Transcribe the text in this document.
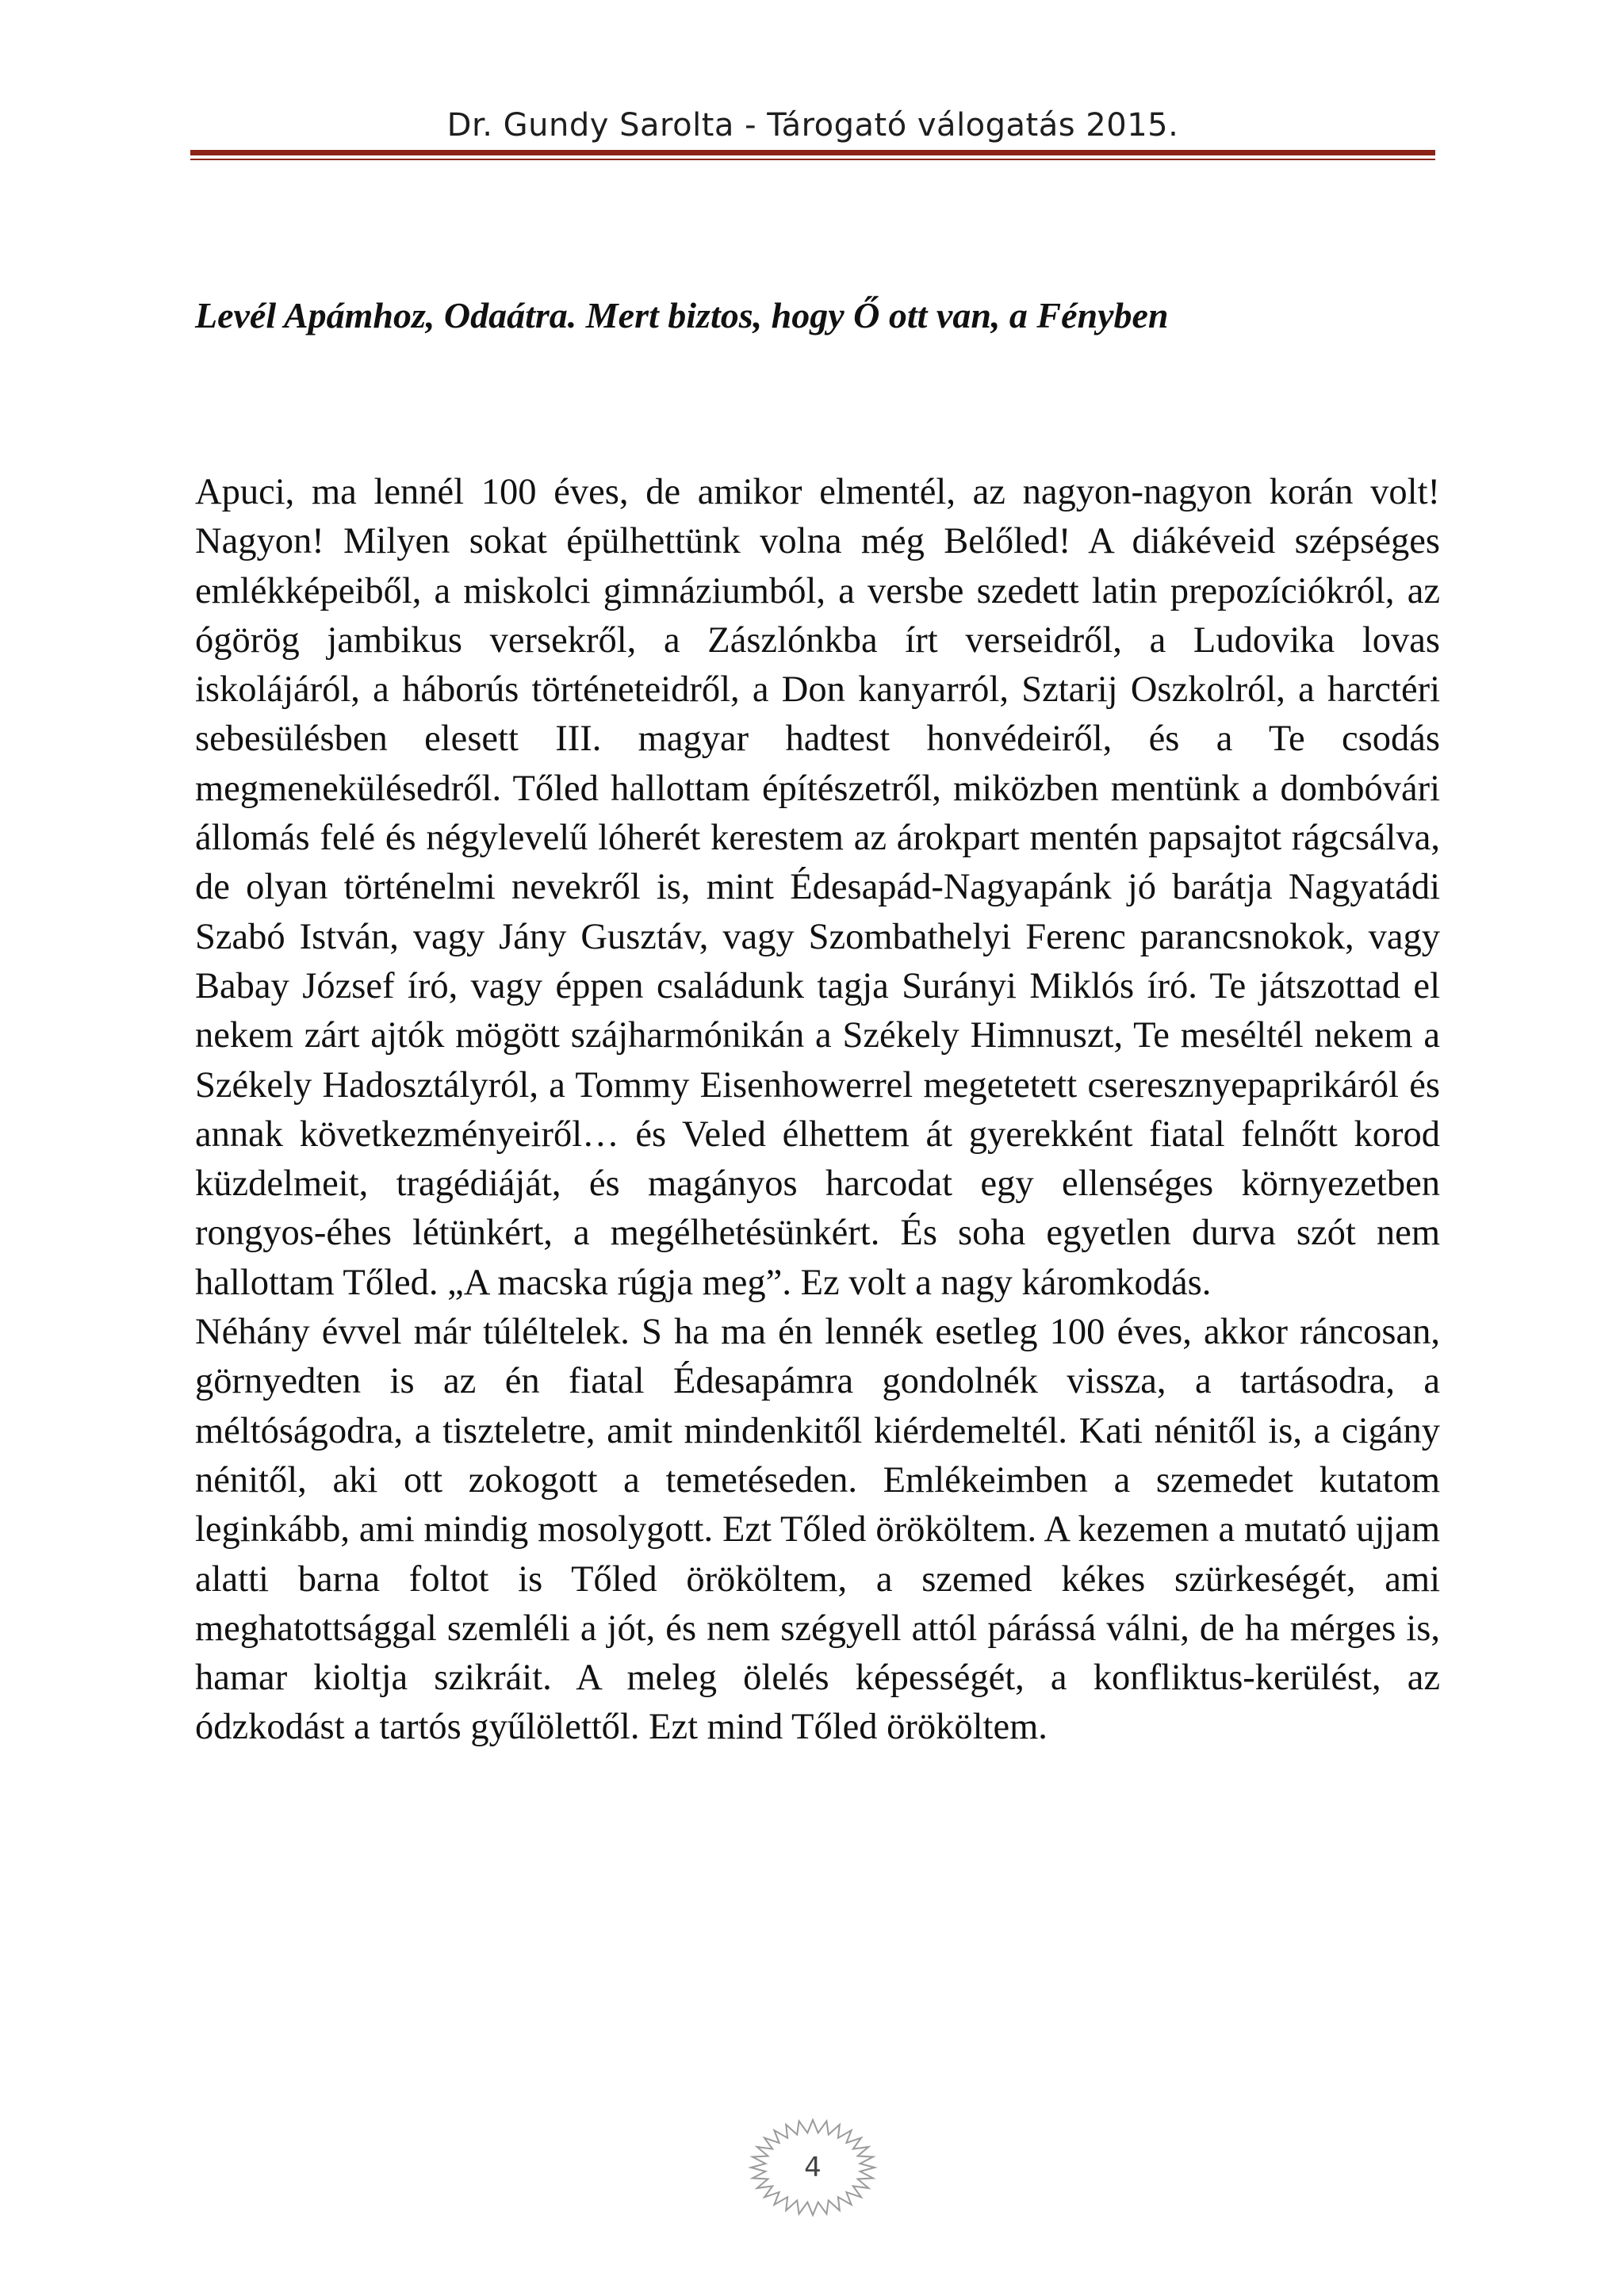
Dr. Gundy Sarolta - Tárogató válogatás 2015.
Levél Apámhoz, Odaátra. Mert biztos, hogy Ő ott van, a Fényben

Apuci, ma lennél 100 éves, de amikor elmentél, az nagyon-nagyon korán volt! Nagyon! Milyen sokat épülhettünk volna még Belőled! A diákéveid szépséges emlékképeiből, a miskolci gimnáziumból, a versbe szedett latin prepozíciókról, az ógörög jambikus versekről, a Zászlónkba írt verseidről, a Ludovika lovas iskolájáról, a háborús történeteidről, a Don kanyarról, Sztarij Oszkolról, a harctéri sebesülésben elesett III. magyar hadtest honvédeiről, és a Te csodás megmenekülésedről. Tőled hallottam építészetről, miközben mentünk a dombóvári állomás felé és négylevelű lóherét kerestem az árokpart mentén papsajtot rágcsálva, de olyan történelmi nevekről is, mint Édesapád-Nagyapánk jó barátja Nagyatádi Szabó István, vagy Jány Gusztáv, vagy Szombathelyi Ferenc parancsnokok, vagy Babay József író, vagy éppen családunk tagja Surányi Miklós író. Te játszottad el nekem zárt ajtók mögött szájharmónikán a Székely Himnuszt, Te meséltél nekem a Székely Hadosztályról, a Tommy Eisenhowerrel megetetett cseresznyepaprikáról és annak következményeiről… és Veled élhettem át gyerekként fiatal felnőtt korod küzdelmeit, tragédiáját, és magányos harcodat egy ellenséges környezetben rongyos-éhes létünkért, a megélhetésünkért. És soha egyetlen durva szót nem hallottam Tőled. „A macska rúgja meg”. Ez volt a nagy káromkodás.

Néhány évvel már túléltelek. S ha ma én lennék esetleg 100 éves, akkor ráncosan, görnyedten is az én fiatal Édesapámra gondolnék vissza, a tartásodra, a méltóságodra, a tiszteletre, amit mindenkitől kiérdemeltél. Kati nénitől is, a cigány nénitől, aki ott zokogott a temetéseden. Emlékeimben a szemedet kutatom leginkább, ami mindig mosolygott. Ezt Tőled örököltem. A kezemen a mutató ujjam alatti barna foltot is Tőled örököltem, a szemed kékes szürkeségét, ami meghatottsággal szemléli a jót, és nem szégyell attól párássá válni, de ha mérges is, hamar kioltja szikráit. A meleg ölelés képességét, a konfliktus-kerülést, az ódzkodást a tartós gyűlölettől. Ezt mind Tőled örököltem.

4
